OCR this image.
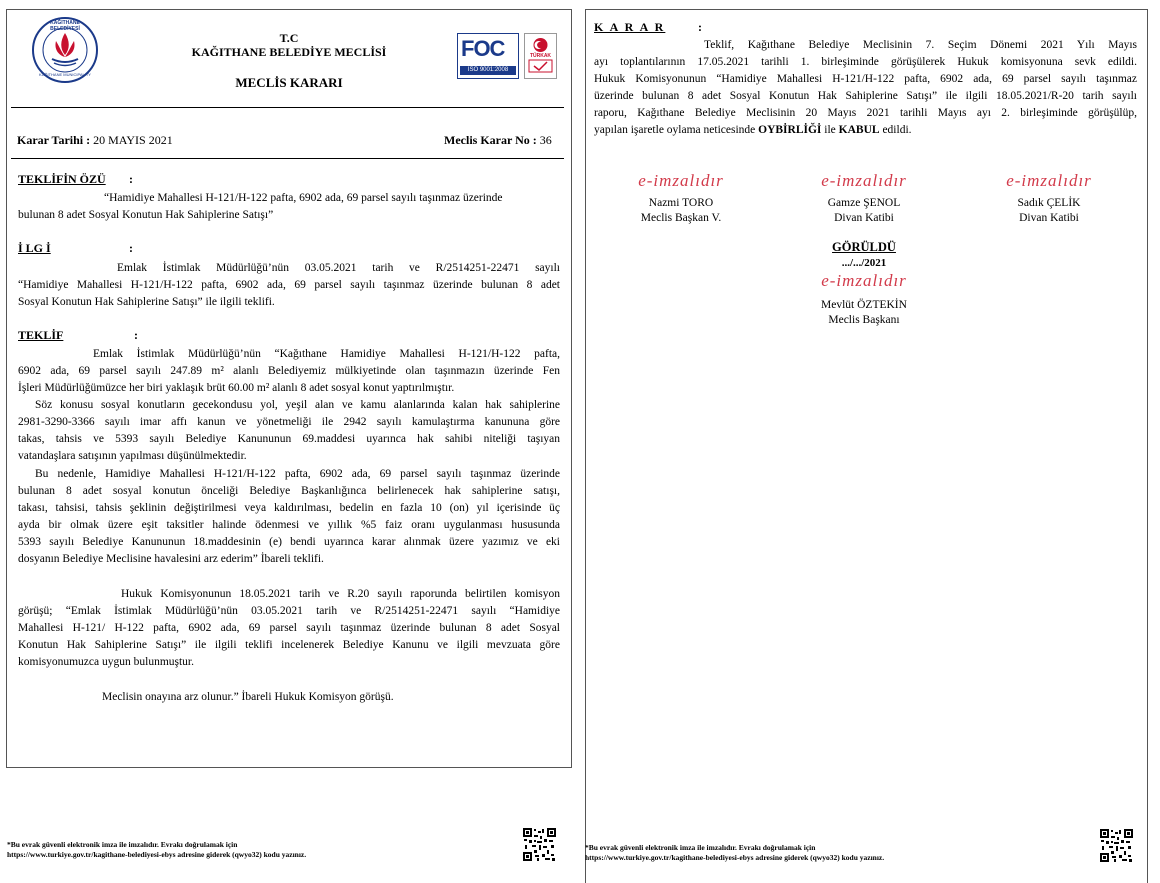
KAĞITHANE BELEDİYESİ
KAĞITHANE MUNICIPALITY
T.C
KAĞITHANE BELEDİYE MECLİSİ
MECLİS KARARI
FOC
ISO 9001:2008
TÜRKAK
Karar Tarihi : 20 MAYIS 2021	Meclis Karar No : 36
TEKLİFİN ÖZÜ :
“Hamidiye Mahallesi H-121/H-122 pafta, 6902 ada, 69 parsel sayılı taşınmaz üzerinde
bulunan 8 adet Sosyal Konutun Hak Sahiplerine Satışı”
İ LG İ	:
Emlak İstimlak Müdürlüğü’nün 03.05.2021 tarih ve R/2514251-22471 sayılı
“Hamidiye Mahallesi H-121/H-122 pafta, 6902 ada, 69 parsel sayılı taşınmaz üzerinde bulunan 8 adet
Sosyal Konutun Hak Sahiplerine Satışı” ile ilgili teklifi.
TEKLİF	:
Emlak İstimlak Müdürlüğü’nün “Kağıthane Hamidiye Mahallesi H-121/H-122 pafta,
6902 ada, 69 parsel sayılı 247.89 m² alanlı Belediyemiz mülkiyetinde olan taşınmazın üzerinde Fen
İşleri Müdürlüğümüzce her biri yaklaşık brüt 60.00 m² alanlı 8 adet sosyal konut yaptırılmıştır.
Söz konusu sosyal konutların gecekondusu yol, yeşil alan ve kamu alanlarında kalan hak sahiplerine
2981-3290-3366 sayılı imar affı kanun ve yönetmeliği ile 2942 sayılı kamulaştırma kanununa göre
takas, tahsis ve 5393 sayılı Belediye Kanununun 69.maddesi uyarınca hak sahibi niteliği taşıyan
vatandaşlara satışının yapılması düşünülmektedir.
Bu nedenle, Hamidiye Mahallesi H-121/H-122 pafta, 6902 ada, 69 parsel sayılı taşınmaz üzerinde
bulunan 8 adet sosyal konutun önceliği Belediye Başkanlığınca belirlenecek hak sahiplerine satışı,
takası, tahsisi, tahsis şeklinin değiştirilmesi veya kaldırılması, bedelin en fazla 10 (on) yıl içerisinde üç
ayda bir olmak üzere eşit taksitler halinde ödenmesi ve yıllık %5 faiz oranı uygulanması hususunda
5393 sayılı Belediye Kanununun 18.maddesinin (e) bendi uyarınca karar alınmak üzere yazımız ve eki
dosyanın Belediye Meclisine havalesini arz ederim” İbareli teklifi.
Hukuk Komisyonunun 18.05.2021 tarih ve R.20 sayılı raporunda belirtilen komisyon
görüşü; “Emlak İstimlak Müdürlüğü’nün 03.05.2021 tarih ve R/2514251-22471 sayılı “Hamidiye
Mahallesi H-121/ H-122 pafta, 6902 ada, 69 parsel sayılı taşınmaz üzerinde bulunan 8 adet Sosyal
Konutun Hak Sahiplerine Satışı” ile ilgili teklifi incelenerek Belediye Kanunu ve ilgili mevzuata göre
komisyonumuzca uygun bulunmuştur.
Meclisin onayına arz olunur.” İbareli Hukuk Komisyon görüşü.
*Bu evrak güvenli elektronik imza ile imzalıdır. Evrakı doğrulamak için
https://www.turkiye.gov.tr/kagithane-belediyesi-ebys adresine giderek (qwyo32) kodu yazınız.
K A R A R	:
Teklif, Kağıthane Belediye Meclisinin 7. Seçim Dönemi 2021 Yılı Mayıs
ayı toplantılarının 17.05.2021 tarihli 1. birleşiminde görüşülerek Hukuk komisyonuna sevk edildi.
Hukuk Komisyonunun “Hamidiye Mahallesi H-121/H-122 pafta, 6902 ada, 69 parsel sayılı taşınmaz
üzerinde bulunan 8 adet Sosyal Konutun Hak Sahiplerine Satışı” ile ilgili 18.05.2021/R-20 tarih sayılı
raporu, Kağıthane Belediye Meclisinin 20 Mayıs 2021 tarihli Mayıs ayı 2. birleşiminde görüşülüp,
yapılan işaretle oylama neticesinde OYBİRLİĞİ ile KABUL edildi.
e-imzalıdır
Nazmi TORO
Meclis Başkan V.
e-imzalıdır
Gamze ŞENOL
Divan Katibi
e-imzalıdır
Sadık ÇELİK
Divan Katibi
GÖRÜLDÜ
.../.../2021
e-imzalıdır
Mevlüt ÖZTEKİN
Meclis Başkanı
*Bu evrak güvenli elektronik imza ile imzalıdır. Evrakı doğrulamak için
https://www.turkiye.gov.tr/kagithane-belediyesi-ebys adresine giderek (qwyo32) kodu yazınız.
